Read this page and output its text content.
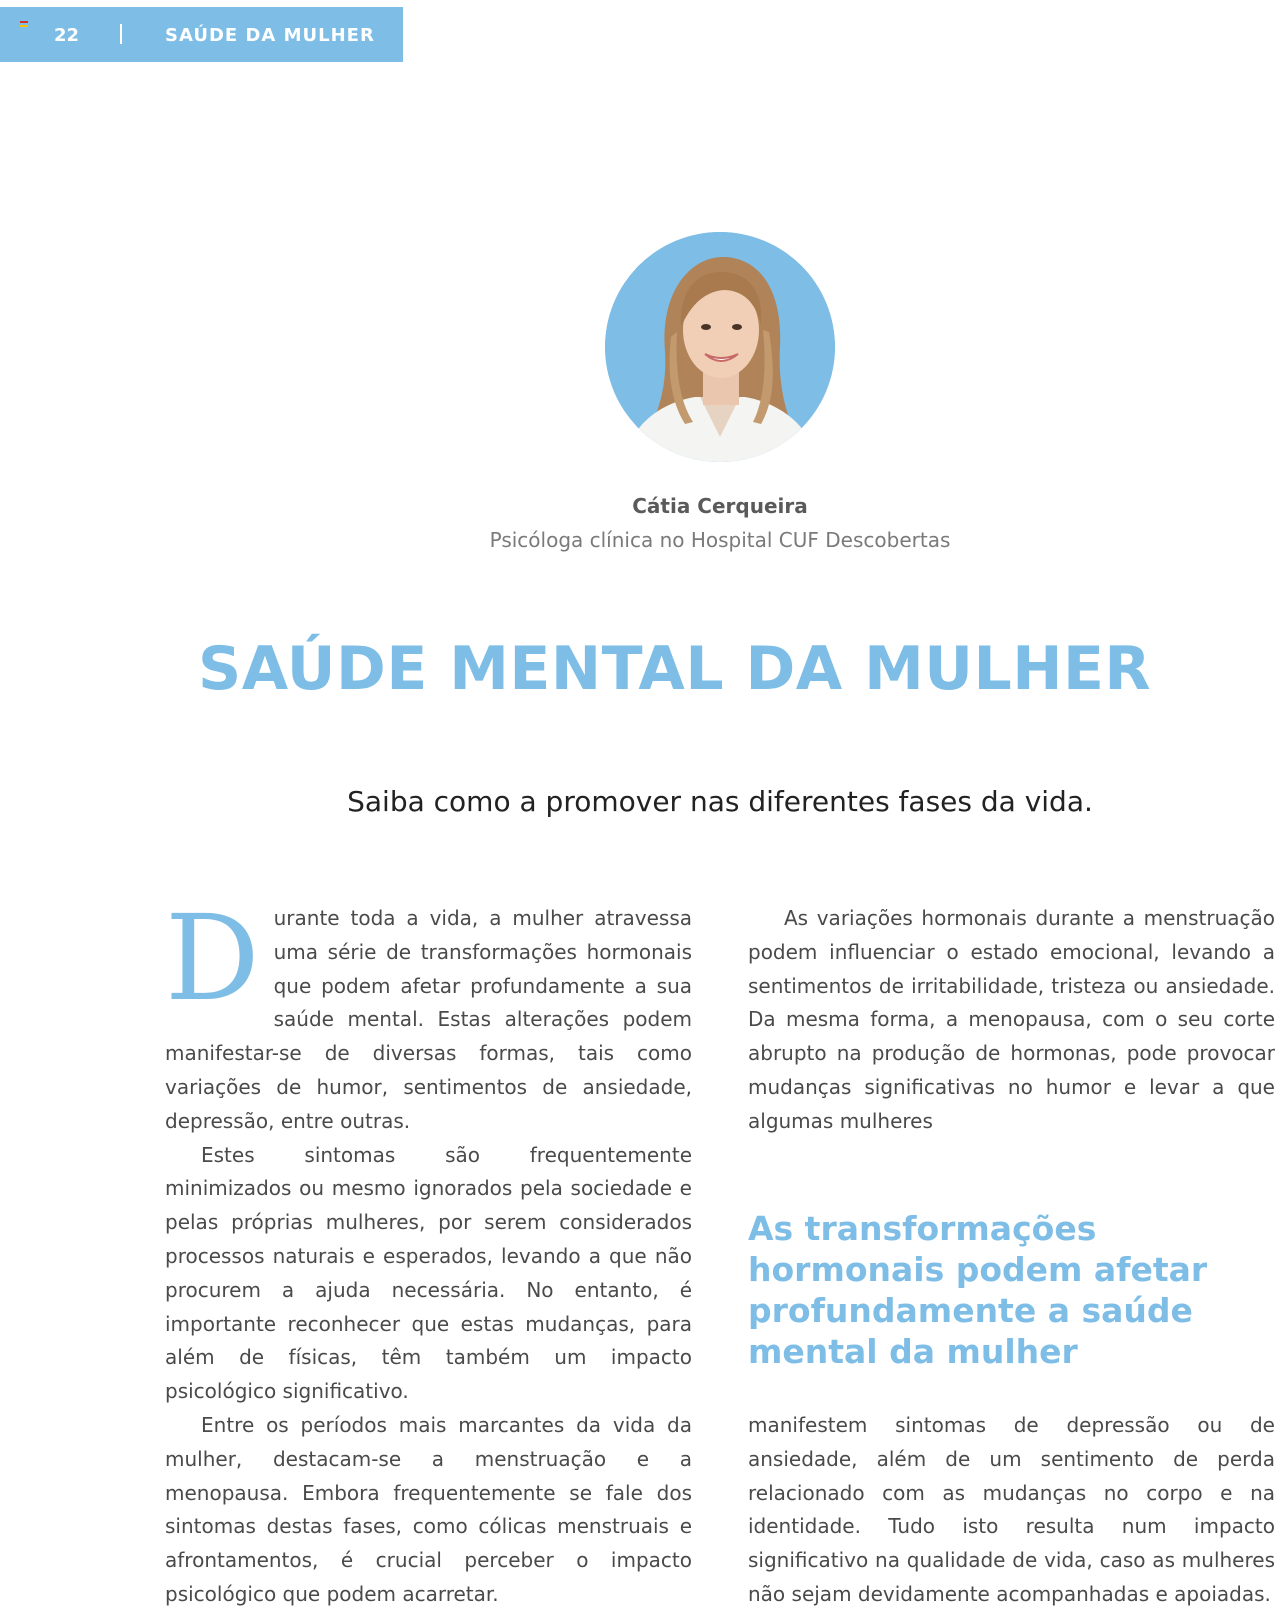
22	SAÚDE DA MULHER
Cátia Cerqueira
Psicóloga clínica no Hospital CUF Descobertas
SAÚDE MENTAL DA MULHER
Saiba como a promover nas diferentes fases da vida.

Durante toda a vida, a mulher atravessa uma série de transformações hormonais que podem afetar profundamente a sua saúde mental. Estas alterações podem manifestar-se de diversas formas, tais como variações de humor, sentimentos de ansiedade, depressão, entre outras.

Estes sintomas são frequentemente minimizados ou mesmo ignorados pela sociedade e pelas próprias mulheres, por serem considerados processos naturais e esperados, levando a que não procurem a ajuda necessária. No entanto, é importante reconhecer que estas mudanças, para além de físicas, têm também um impacto psicológico significativo.

Entre os períodos mais marcantes da vida da mulher, destacam-se a menstruação e a menopausa. Embora frequentemente se fale dos sintomas destas fases, como cólicas menstruais e afrontamentos, é crucial perceber o impacto psicológico que podem acarretar.

As variações hormonais durante a menstruação podem influenciar o estado emocional, levando a sentimentos de irritabilidade, tristeza ou ansiedade. Da mesma forma, a menopausa, com o seu corte abrupto na produção de hormonas, pode provocar mudanças significativas no humor e levar a que algumas mulheres

As transformações hormonais podem afetar profundamente a saúde mental da mulher

manifestem sintomas de depressão ou de ansiedade, além de um sentimento de perda relacionado com as mudanças no corpo e na identidade. Tudo isto resulta num impacto significativo na qualidade de vida, caso as mulheres não sejam devidamente acompanhadas e apoiadas.
